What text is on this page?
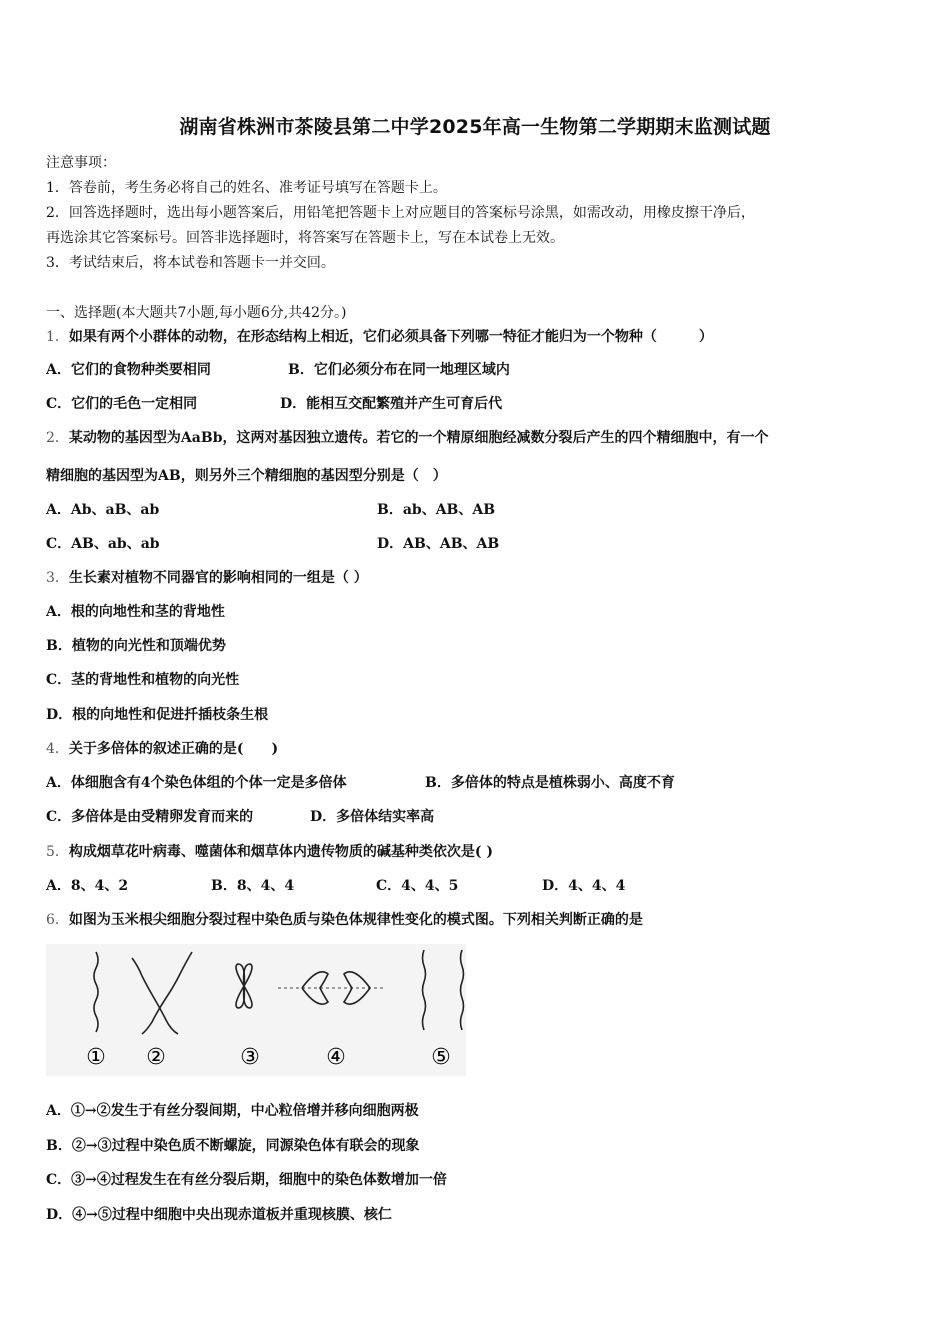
湖南省株洲市茶陵县第二中学2025年高一生物第二学期期末监测试题
注意事项：
1．答卷前，考生务必将自己的姓名、准考证号填写在答题卡上。
2．回答选择题时，选出每小题答案后，用铅笔把答题卡上对应题目的答案标号涂黑，如需改动，用橡皮擦干净后，
再选涂其它答案标号。回答非选择题时，将答案写在答题卡上，写在本试卷上无效。
3．考试结束后，将本试卷和答题卡一并交回。
一、选择题(本大题共7小题,每小题6分,共42分。)
1．如果有两个小群体的动物，在形态结构上相近，它们必须具备下列哪一特征才能归为一个物种（　　　）
A．它们的食物种类要相同	B．它们必须分布在同一地理区域内
C．它们的毛色一定相同	D．能相互交配繁殖并产生可育后代
2．某动物的基因型为AaBb，这两对基因独立遗传。若它的一个精原细胞经减数分裂后产生的四个精细胞中，有一个
精细胞的基因型为AB，则另外三个精细胞的基因型分别是（　）
A．Ab、aB、ab	B．ab、AB、AB
C．AB、ab、ab	D．AB、AB、AB
3．生长素对植物不同器官的影响相同的一组是（ ）
A．根的向地性和茎的背地性
B．植物的向光性和顶端优势
C．茎的背地性和植物的向光性
D．根的向地性和促进扦插枝条生根
4．关于多倍体的叙述正确的是(　　)
A．体细胞含有4个染色体组的个体一定是多倍体	B．多倍体的特点是植株弱小、高度不育
C．多倍体是由受精卵发育而来的	D．多倍体结实率高
5．构成烟草花叶病毒、噬菌体和烟草体内遗传物质的碱基种类依次是( )
A．8、4、2	B．8、4、4	C．4、4、5	D．4、4、4
6．如图为玉米根尖细胞分裂过程中染色质与染色体规律性变化的模式图。下列相关判断正确的是
① ②	③	④	⑤
A．①→②发生于有丝分裂间期，中心粒倍增并移向细胞两极
B．②→③过程中染色质不断螺旋，同源染色体有联会的现象
C．③→④过程发生在有丝分裂后期，细胞中的染色体数增加一倍
D．④→⑤过程中细胞中央出现赤道板并重现核膜、核仁
